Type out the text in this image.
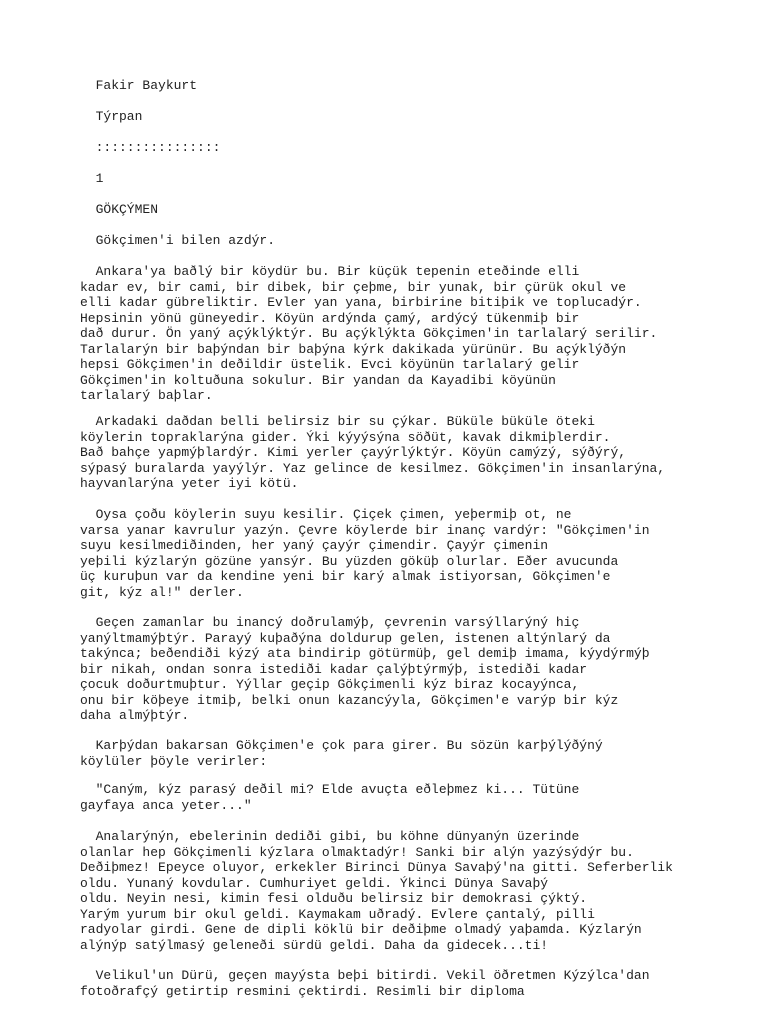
Fakir Baykurt
Týrpan
::::::::::::::::
1
GÖKÇÝMEN
Gökçimen'i bilen azdýr.
Ankara'ya baðlý bir köydür bu. Bir küçük tepenin eteðinde elli
kadar ev, bir cami, bir dibek, bir çeþme, bir yunak, bir çürük okul ve
elli kadar gübreliktir. Evler yan yana, birbirine bitiþik ve toplucadýr.
Hepsinin yönü güneyedir. Köyün ardýnda çamý, ardýcý tükenmiþ bir
dað durur. Ön yaný açýklýktýr. Bu açýklýkta Gökçimen'in tarlalarý serilir.
Tarlalarýn bir baþýndan bir baþýna kýrk dakikada yürünür. Bu açýklýðýn
hepsi Gökçimen'in deðildir üstelik. Evci köyünün tarlalarý gelir
Gökçimen'in koltuðuna sokulur. Bir yandan da Kayadibi köyünün
tarlalarý baþlar.
Arkadaki daðdan belli belirsiz bir su çýkar. Büküle büküle öteki
köylerin topraklarýna gider. Ýki kýyýsýna söðüt, kavak dikmiþlerdir.
Bað bahçe yapmýþlardýr. Kimi yerler çayýrlýktýr. Köyün camýzý, sýðýrý,
sýpasý buralarda yayýlýr. Yaz gelince de kesilmez. Gökçimen'in insanlarýna,
hayvanlarýna yeter iyi kötü.
Oysa çoðu köylerin suyu kesilir. Çiçek çimen, yeþermiþ ot, ne
varsa yanar kavrulur yazýn. Çevre köylerde bir inanç vardýr: "Gökçimen'in
suyu kesilmediðinden, her yaný çayýr çimendir. Çayýr çimenin
yeþili kýzlarýn gözüne yansýr. Bu yüzden göküþ olurlar. Eðer avucunda
üç kuruþun var da kendine yeni bir karý almak istiyorsan, Gökçimen'e
git, kýz al!" derler.
Geçen zamanlar bu inancý doðrulamýþ, çevrenin varsýllarýný hiç
yanýltmamýþtýr. Parayý kuþaðýna doldurup gelen, istenen altýnlarý da
takýnca; beðendiði kýzý ata bindirip götürmüþ, gel demiþ imama, kýydýrmýþ
bir nikah, ondan sonra istediði kadar çalýþtýrmýþ, istediði kadar
çocuk doðurtmuþtur. Yýllar geçip Gökçimenli kýz biraz kocayýnca,
onu bir köþeye itmiþ, belki onun kazancýyla, Gökçimen'e varýp bir kýz
daha almýþtýr.
Karþýdan bakarsan Gökçimen'e çok para girer. Bu sözün karþýlýðýný
köylüler þöyle verirler:
"Caným, kýz parasý deðil mi? Elde avuçta eðleþmez ki... Tütüne
gayfaya anca yeter..."
Analarýnýn, ebelerinin dediði gibi, bu köhne dünyanýn üzerinde
olanlar hep Gökçimenli kýzlara olmaktadýr! Sanki bir alýn yazýsýdýr bu.
Deðiþmez! Epeyce oluyor, erkekler Birinci Dünya Savaþý'na gitti. Seferberlik
oldu. Yunaný kovdular. Cumhuriyet geldi. Ýkinci Dünya Savaþý
oldu. Neyin nesi, kimin fesi olduðu belirsiz bir demokrasi çýktý.
Yarým yurum bir okul geldi. Kaymakam uðradý. Evlere çantalý, pilli
radyolar girdi. Gene de dipli köklü bir deðiþme olmadý yaþamda. Kýzlarýn
alýnýp satýlmasý geleneði sürdü geldi. Daha da gidecek...ti!
Velikul'un Dürü, geçen mayýsta beþi bitirdi. Vekil öðretmen Kýzýlca'dan
fotoðrafçý getirtip resmini çektirdi. Resimli bir diploma
